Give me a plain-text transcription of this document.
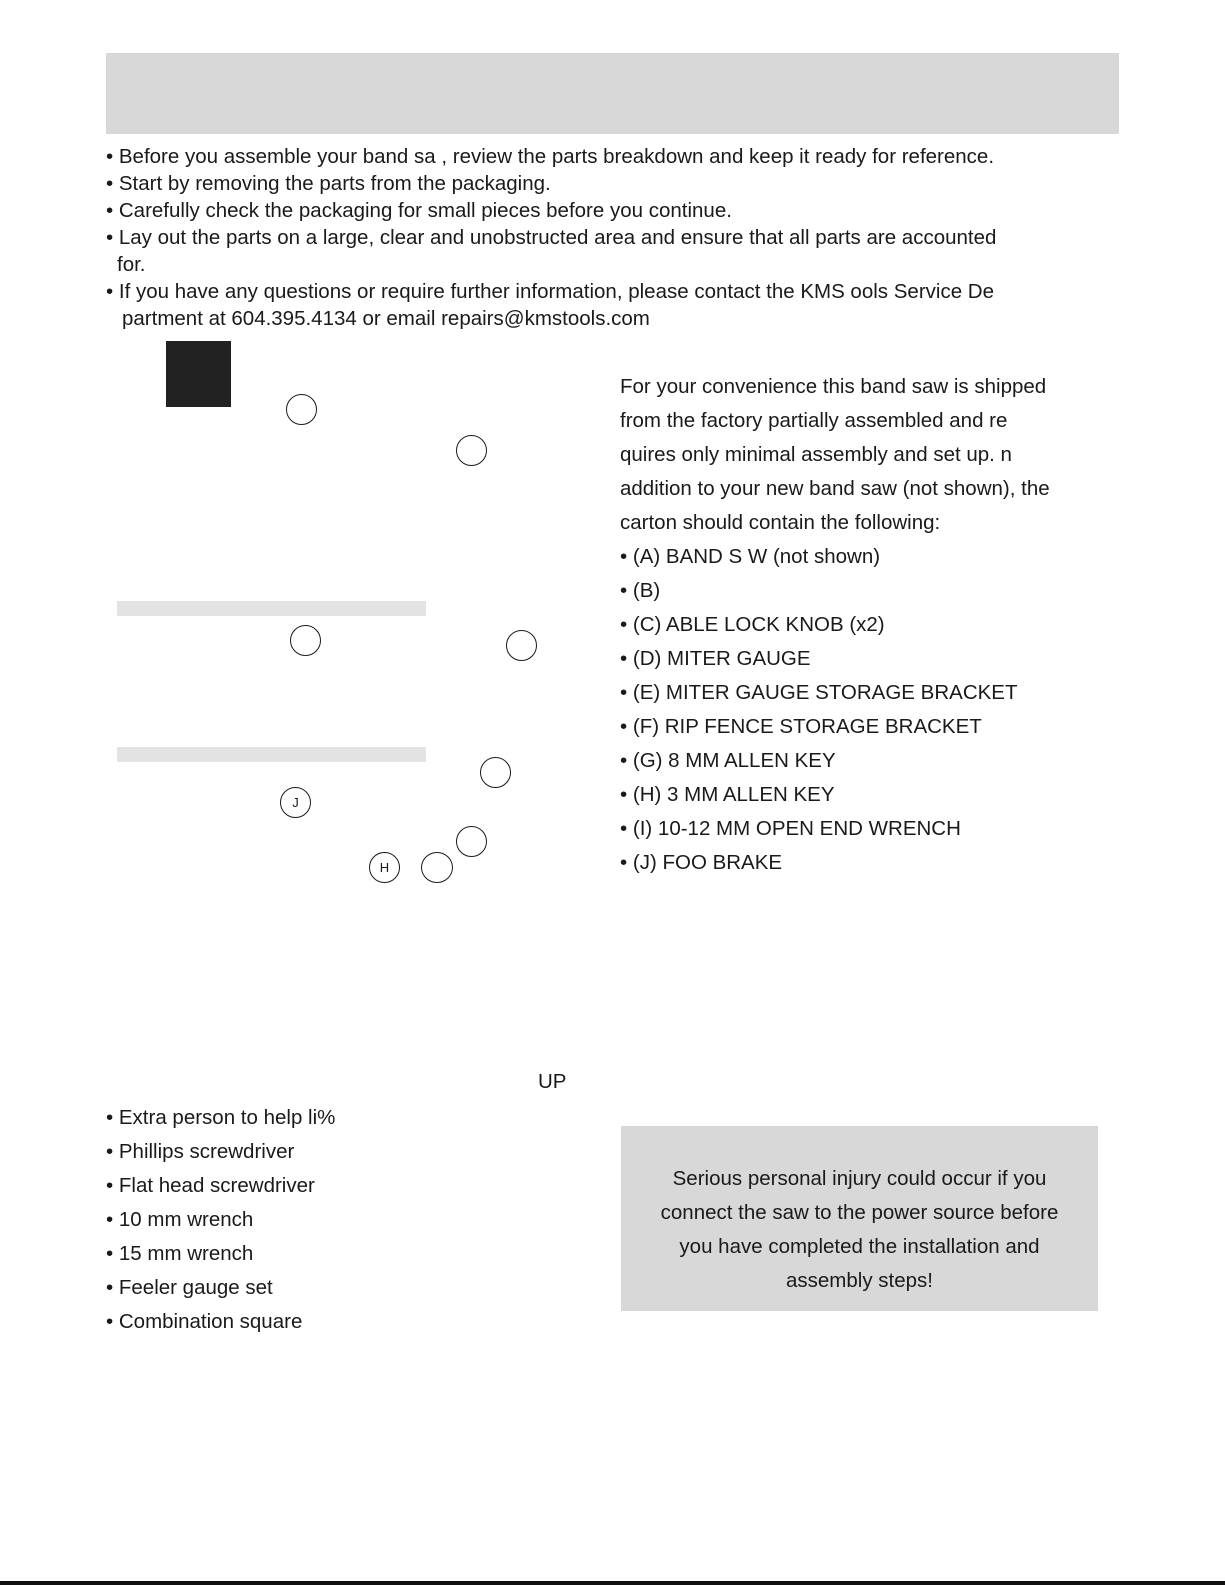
• Before you assemble your band sa , review the parts breakdown and keep it ready for reference.
• Start by removing the parts from the packaging.
• Carefully check the packaging for small pieces before you continue.
• Lay out the parts on a large, clear and unobstructed area and ensure that all parts are accounted
for.
• If you have any questions or require further information, please contact the KMS ools Service De
partment at 604.395.4134 or email repairs@kmstools.com
J
H
For your convenience this band saw is shipped
from the factory partially assembled and re
quires only minimal assembly and set up. n
addition to your new band saw (not shown), the
carton should contain the following:
• (A) BAND S W (not shown)
• (B)
• (C) ABLE LOCK KNOB (x2)
• (D) MITER GAUGE
• (E) MITER GAUGE STORAGE BRACKET
• (F) RIP FENCE STORAGE BRACKET
• (G) 8 MM ALLEN KEY
• (H) 3 MM ALLEN KEY
• (I) 10-12 MM OPEN END WRENCH
• (J) FOO BRAKE
UP
• Extra person to help li%
• Phillips screwdriver
• Flat head screwdriver
• 10 mm wrench
• 15 mm wrench
• Feeler gauge set
• Combination square
Serious personal injury could occur if you
connect the saw to the power source before
you have completed the installation and
assembly steps!
